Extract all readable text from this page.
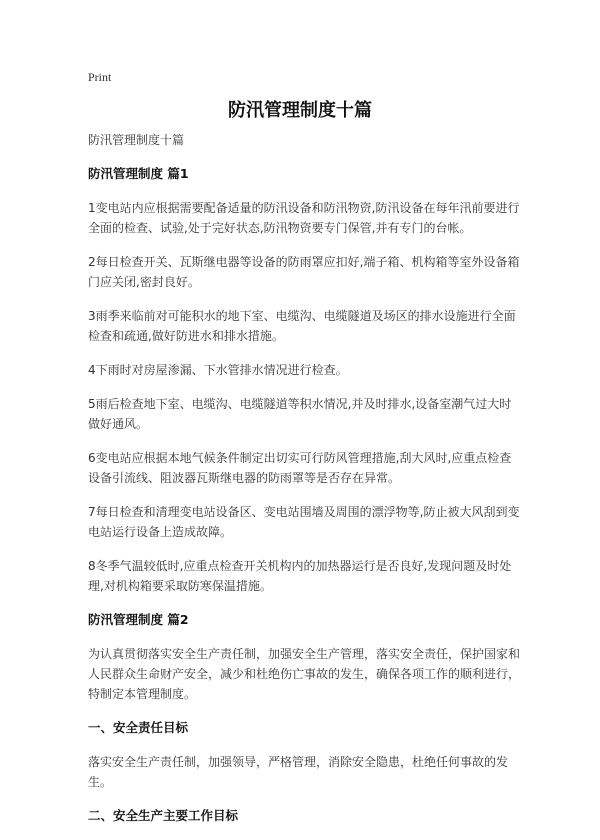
Print
防汛管理制度十篇

防汛管理制度十篇

防汛管理制度 篇1

1变电站内应根据需要配备适量的防汛设备和防汛物资,防汛设备在每年汛前要进行全面的检查、试验,处于完好状态,防汛物资要专门保管,并有专门的台帐。

2每日检查开关、瓦斯继电器等设备的防雨罩应扣好,端子箱、机构箱等室外设备箱门应关闭,密封良好。

3雨季来临前对可能积水的地下室、电缆沟、电缆隧道及场区的排水设施进行全面检查和疏通,做好防进水和排水措施。

4下雨时对房屋渗漏、下水管排水情况进行检查。

5雨后检查地下室、电缆沟、电缆隧道等积水情况,并及时排水,设备室潮气过大时做好通风。

6变电站应根据本地气候条件制定出切实可行防风管理措施,刮大风时,应重点检查设备引流线、阻波器瓦斯继电器的防雨罩等是否存在异常。

7每日检查和清理变电站设备区、变电站围墙及周围的漂浮物等,防止被大风刮到变电站运行设备上造成故障。

8冬季气温较低时,应重点检查开关机构内的加热器运行是否良好,发现问题及时处理,对机构箱要采取防寒保温措施。

防汛管理制度 篇2

为认真贯彻落实安全生产责任制，加强安全生产管理，落实安全责任，保护国家和人民群众生命财产安全，减少和杜绝伤亡事故的发生，确保各项工作的顺利进行，特制定本管理制度。

一、安全责任目标

落实安全生产责任制，加强领导，严格管理，消除安全隐患，杜绝任何事故的发生。

二、安全生产主要工作目标
